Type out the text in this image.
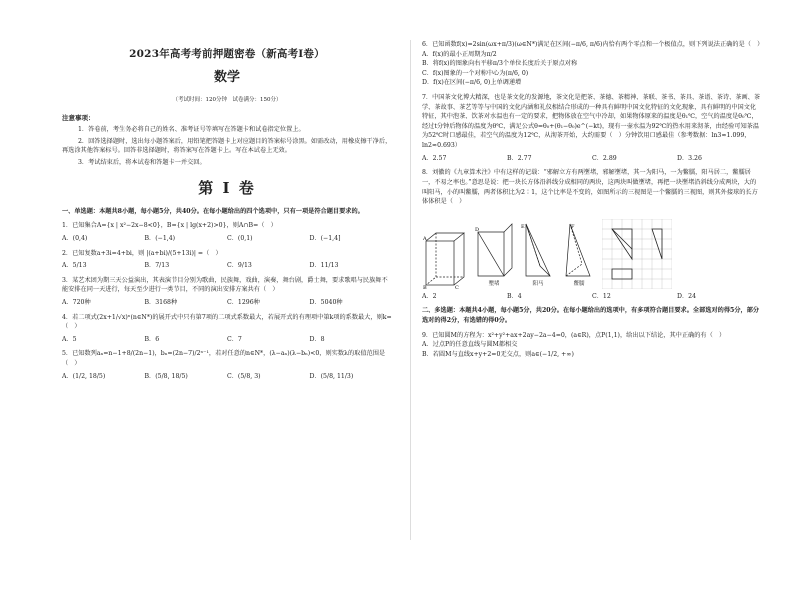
2023年高考考前押题密卷（新高考Ⅰ卷）
数学
（考试时间：120分钟　试卷满分：150分）
注意事项：
1．答卷前，考生务必将自己的姓名、准考证号等填写在答题卡和试卷指定位置上。
2．回答选择题时，选出每小题答案后，用铅笔把答题卡上对应题目的答案标号涂黑。如需改动，用橡皮擦干净后，再选涂其他答案标号。回答非选择题时，将答案写在答题卡上。写在本试卷上无效。
3．考试结束后，将本试卷和答题卡一并交回。
第 I 卷
一、单选题：本题共8小题，每小题5分，共40分。在每小题给出的四个选项中，只有一项是符合题目要求的。
1．已知集合A={x | x²−2x−8<0}，B={x | lg(x+2)>0}，则A∩B=（　）
A．(0,4)	B．(−1,4)	C．(0,1)	D．(−1,4]
2．已知复数a+3i=4+bi，则 |(a+bi)/(5+13i)| =（　）
A．5/13	B．7/13	C．9/13	D．11/13
3．某艺术团为期三天公益演出，其表演节目分别为歌曲，民族舞，戏曲，演奏，舞台剧，爵士舞，要求歌唱与民族舞不能安排在同一天进行，每天至少进行一类节目，不同的演出安排方案共有（　）
A．720种	B．3168种	C．1296种	D．5040种
4．若二项式(2x+1/√x)ⁿ(n∈N*)的展开式中只有第7项的二项式系数最大，若展开式的有理项中第k项的系数最大，则k=（　）
A．5	B．6	C．7	D．8
5．已知数列aₙ=n−1+8/(2n−1)，bₙ=(2n−7)/2ⁿ⁻¹，若对任意的n∈N*，(λ−aₙ)(λ−bₙ)<0，则实数λ的取值范围是（　）
A．(1/2, 18/5)	B．(5/8, 18/5)	C．(5/8, 3)	D．(5/8, 11/3)
6．已知函数f(x)=2sin(ωx+π/3)(ω∈N*)满足在区间(−π/6, π/6)内恰有两个零点和一个极值点，则下列说法正确的是（　）
A．f(x)的最小正周期为π/2
B．将f(x)的图象向右平移π/3个单位长度后关于原点对称
C．f(x)图象的一个对称中心为(π/6, 0)
D．f(x)在区间(−π/6, 0)上单调递增
7．中国茶文化博大精深，也是茶文化的发源地，茶文化是把茶、茶德、茶精神、茶联、茶书、茶具、茶谱、茶诗、茶画、茶学、茶故事、茶艺等等与中国的文化内涵和礼仪相结合形成的一种具有鲜明中国文化特征的文化现象，具有鲜明的中国文化特征，其中泡茶、饮茶对水温也有一定的要求，把物体放在空气中冷却，如果物体原来的温度是θ₁℃，空气的温度是θ₀℃，经过t分钟后物体的温度为θ℃，满足公式θ=θ₀+(θ₁−θ₀)e^(−kt)，现有一壶水温为92℃的热水用来沏茶，由经验可知茶温为52℃时口感最佳，若空气的温度为12℃，从沏茶开始，大约需要（　）分钟饮用口感最佳（参考数据：ln3≈1.099，ln2≈0.693）
A．2.57	B．2.77	C．2.89	D．3.26
8．刘徽的《九章算术注》中有这样的记载：“邪解立方有两壍堵，邪解壍堵，其一为阳马，一为鳖臑，阳马居二，鳖臑居一，不易之率也。”意思是说：把一块长方体沿斜线分成相同的两块，这两块叫做壍堵，再把一块壍堵沿斜线分成两块，大的叫阳马，小的叫鳖臑，两者体积比为2∶1，这个比率是不变的，如图所示的三视图是一个鳖臑的三视图，则其外接球的长方体体积是（　）
A
B	C
D
壍堵
E
阳马
F
鳖臑
A．2	B．4	C．12	D．24
二、多选题：本题共4小题，每小题5分，共20分。在每小题给出的选项中，有多项符合题目要求。全部选对的得5分，部分选对的得2分，有选错的得0分。
9．已知圆M的方程为：x²+y²+ax+2ay−2a−4=0，(a∈R)，点P(1,1)，给出以下结论，其中正确的有（　）
A．过点P的任意直线与圆M都相交
B．若圆M与直线x+y+2=0无交点，则a∈(−1/2, +∞)
